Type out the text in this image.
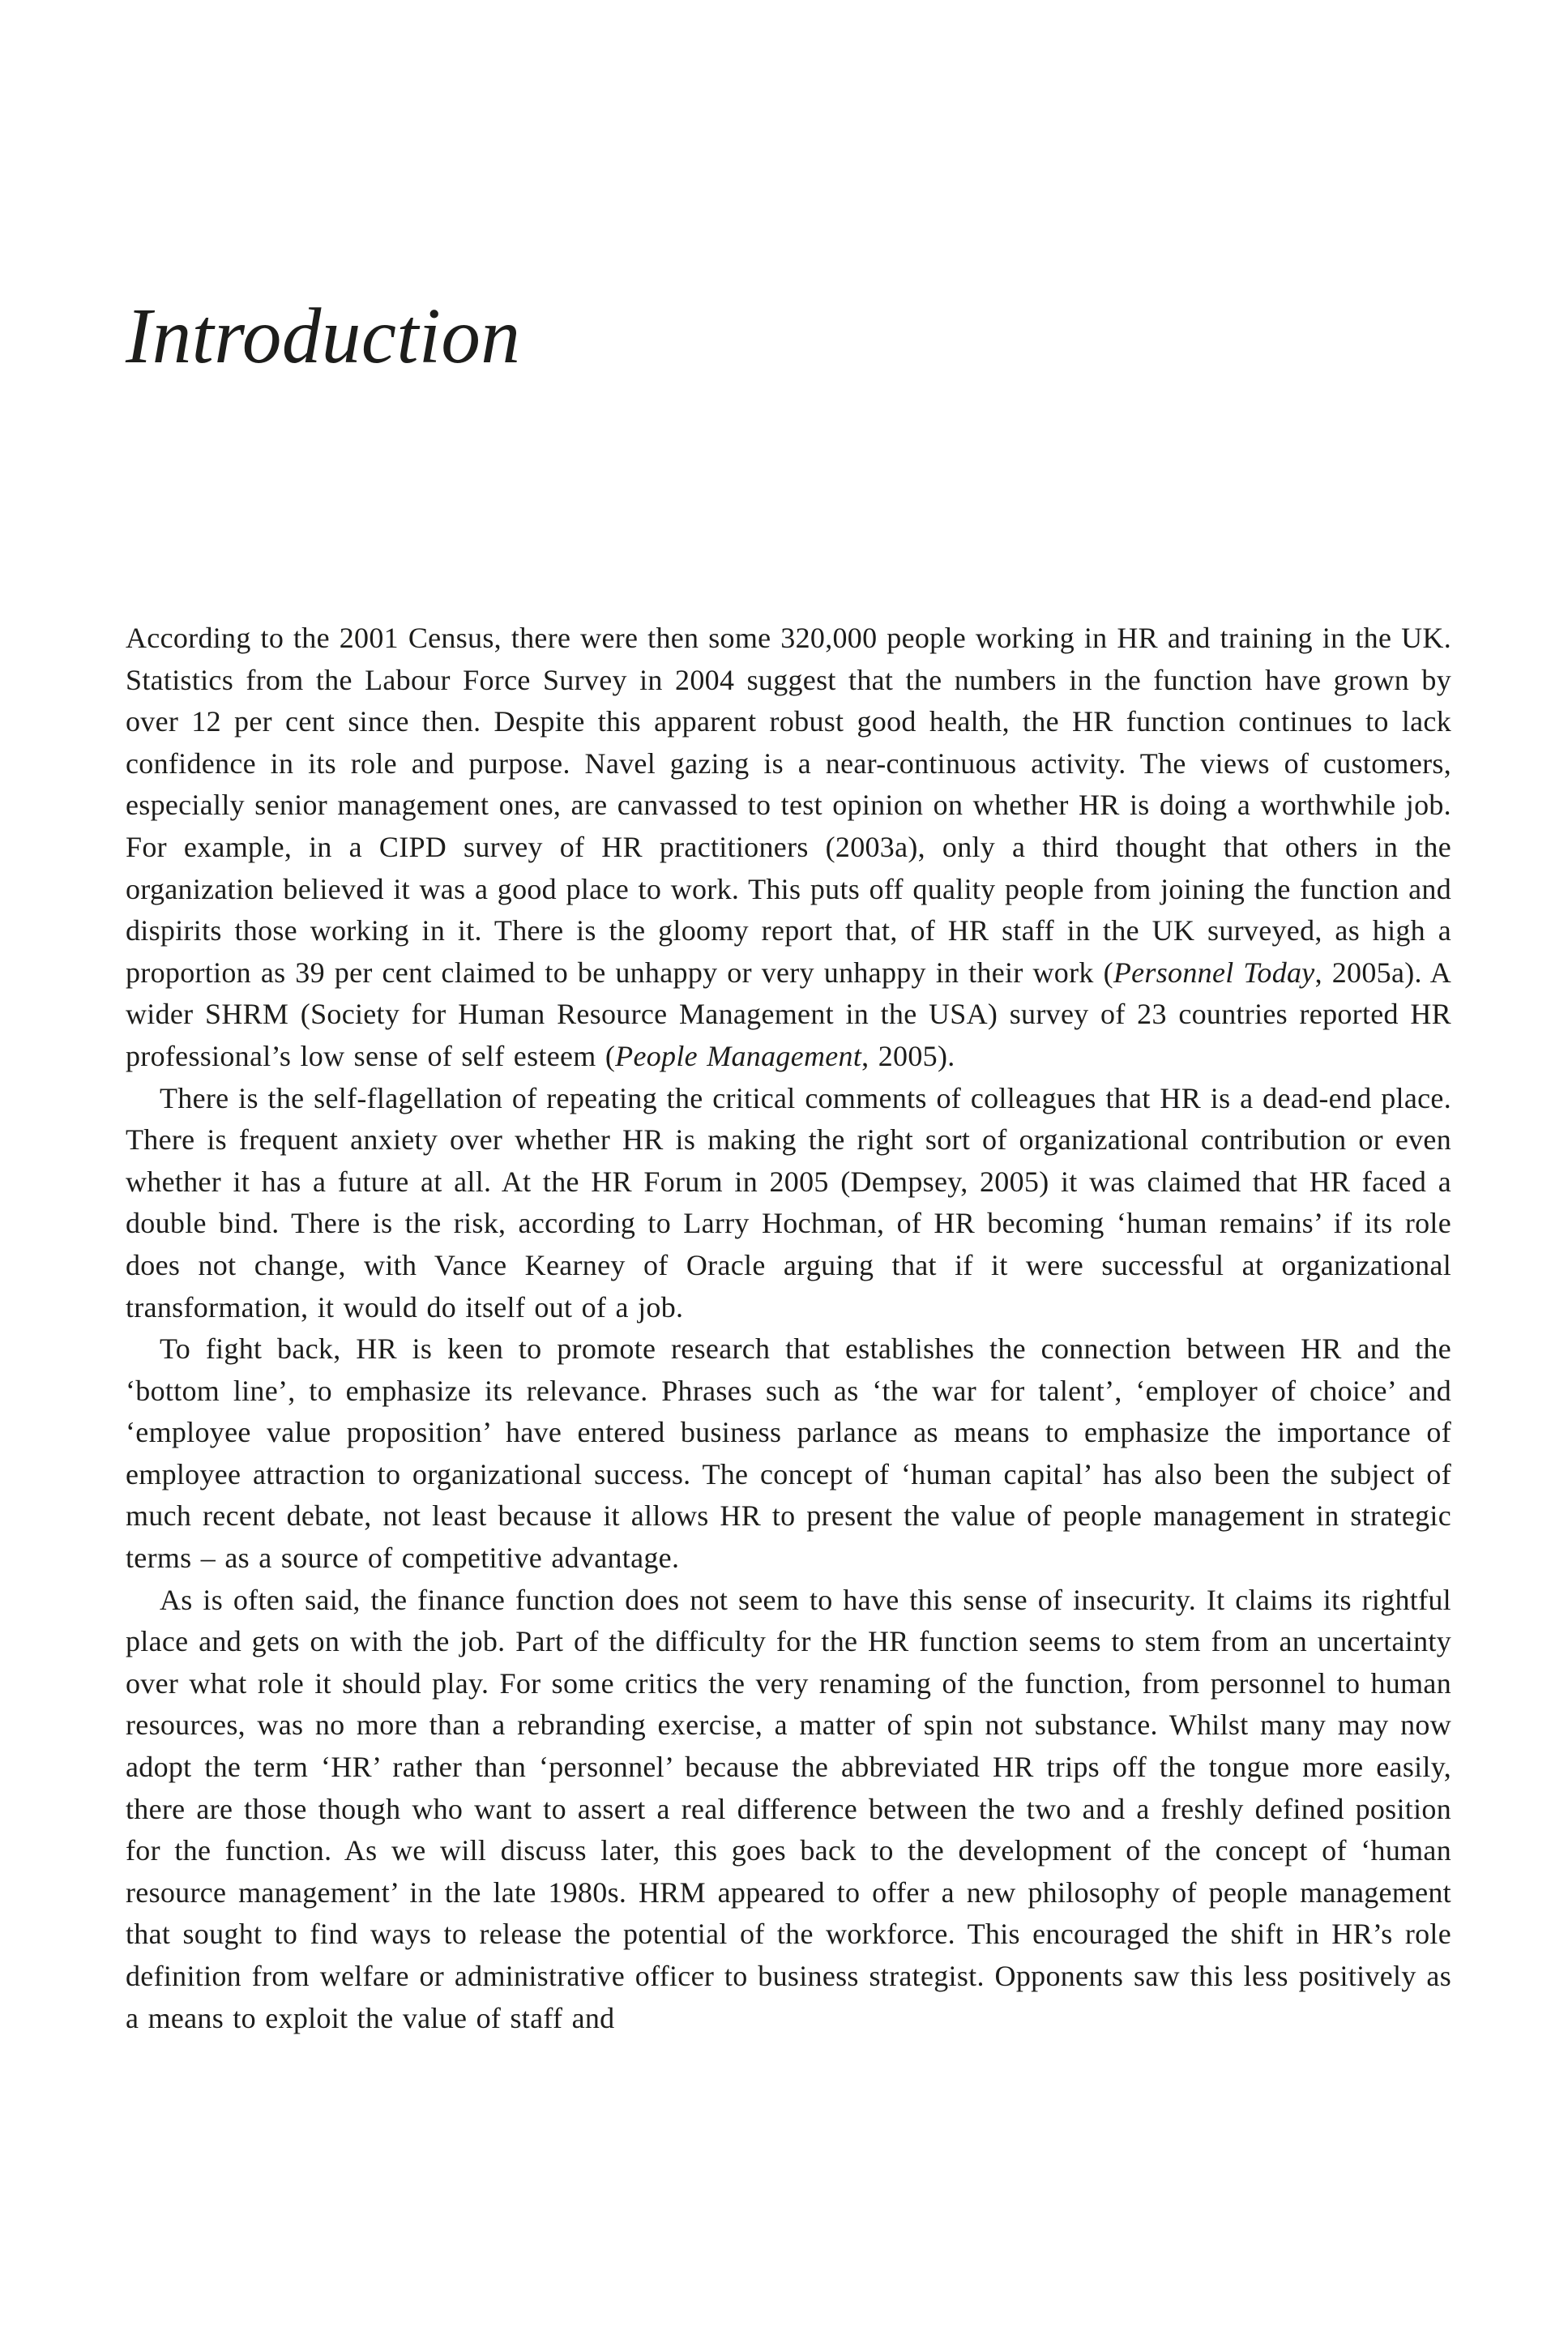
Introduction

According to the 2001 Census, there were then some 320,000 people working in HR and training in the UK. Statistics from the Labour Force Survey in 2004 suggest that the numbers in the function have grown by over 12 per cent since then. Despite this apparent robust good health, the HR function continues to lack confidence in its role and purpose. Navel gazing is a near-continuous activity. The views of customers, especially senior management ones, are canvassed to test opinion on whether HR is doing a worthwhile job. For example, in a CIPD survey of HR practitioners (2003a), only a third thought that others in the organization believed it was a good place to work. This puts off quality people from joining the function and dispirits those working in it. There is the gloomy report that, of HR staff in the UK surveyed, as high a proportion as 39 per cent claimed to be unhappy or very unhappy in their work (Personnel Today, 2005a). A wider SHRM (Society for Human Resource Management in the USA) survey of 23 countries reported HR professional’s low sense of self esteem (People Management, 2005).

There is the self-flagellation of repeating the critical comments of colleagues that HR is a dead-end place. There is frequent anxiety over whether HR is making the right sort of organizational contribution or even whether it has a future at all. At the HR Forum in 2005 (Dempsey, 2005) it was claimed that HR faced a double bind. There is the risk, according to Larry Hochman, of HR becoming ‘human remains’ if its role does not change, with Vance Kearney of Oracle arguing that if it were successful at organizational transformation, it would do itself out of a job.

To fight back, HR is keen to promote research that establishes the connection between HR and the ‘bottom line’, to emphasize its relevance. Phrases such as ‘the war for talent’, ‘employer of choice’ and ‘employee value proposition’ have entered business parlance as means to emphasize the importance of employee attraction to organizational success. The concept of ‘human capital’ has also been the subject of much recent debate, not least because it allows HR to present the value of people management in strategic terms – as a source of competitive advantage.

As is often said, the finance function does not seem to have this sense of insecurity. It claims its rightful place and gets on with the job. Part of the difficulty for the HR function seems to stem from an uncertainty over what role it should play. For some critics the very renaming of the function, from personnel to human resources, was no more than a rebranding exercise, a matter of spin not substance. Whilst many may now adopt the term ‘HR’ rather than ‘personnel’ because the abbreviated HR trips off the tongue more easily, there are those though who want to assert a real difference between the two and a freshly defined position for the function. As we will discuss later, this goes back to the development of the concept of ‘human resource management’ in the late 1980s. HRM appeared to offer a new philosophy of people management that sought to find ways to release the potential of the workforce. This encouraged the shift in HR’s role definition from welfare or administrative officer to business strategist. Opponents saw this less positively as a means to exploit the value of staff and
